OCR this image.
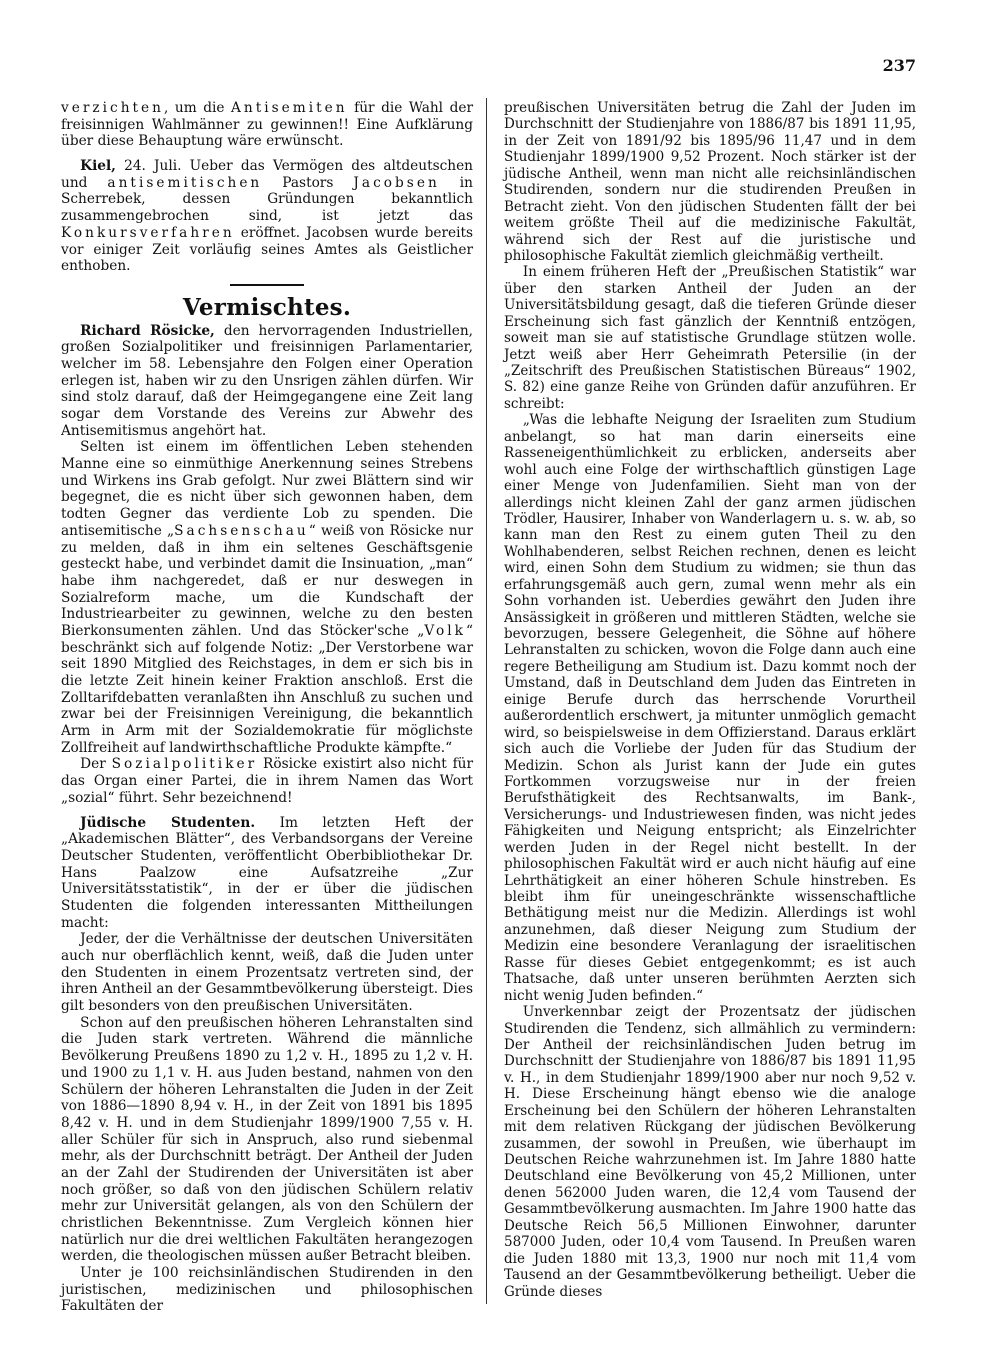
237

verzichten, um die Antisemiten für die Wahl der freisinnigen Wahlmänner zu gewinnen!! Eine Aufklärung über diese Behauptung wäre erwünscht.

Kiel, 24. Juli. Ueber das Vermögen des altdeutschen und antisemitischen Pastors Jacobsen in Scherrebek, dessen Gründungen bekanntlich zusammengebrochen sind, ist jetzt das Konkursverfahren eröffnet. Jacobsen wurde bereits vor einiger Zeit vorläufig seines Amtes als Geistlicher enthoben.

Vermischtes.

Richard Rösicke, den hervorragenden Industriellen, großen Sozialpolitiker und freisinnigen Parlamentarier, welcher im 58. Lebensjahre den Folgen einer Operation erlegen ist, haben wir zu den Unsrigen zählen dürfen. Wir sind stolz darauf, daß der Heimgegangene eine Zeit lang sogar dem Vorstande des Vereins zur Abwehr des Antisemitismus angehört hat.

Selten ist einem im öffentlichen Leben stehenden Manne eine so einmüthige Anerkennung seines Strebens und Wirkens ins Grab gefolgt. Nur zwei Blättern sind wir begegnet, die es nicht über sich gewonnen haben, dem todten Gegner das verdiente Lob zu spenden. Die antisemitische „Sachsenschau“ weiß von Rösicke nur zu melden, daß in ihm ein seltenes Geschäftsgenie gesteckt habe, und verbindet damit die Insinuation, „man“ habe ihm nachgeredet, daß er nur deswegen in Sozialreform mache, um die Kundschaft der Industriearbeiter zu gewinnen, welche zu den besten Bierkonsumenten zählen. Und das Stöcker'sche „Volk“ beschränkt sich auf folgende Notiz: „Der Verstorbene war seit 1890 Mitglied des Reichstages, in dem er sich bis in die letzte Zeit hinein keiner Fraktion anschloß. Erst die Zolltarifdebatten veranlaßten ihn Anschluß zu suchen und zwar bei der Freisinnigen Vereinigung, die bekanntlich Arm in Arm mit der Sozialdemokratie für möglichste Zollfreiheit auf landwirthschaftliche Produkte kämpfte.“

Der Sozialpolitiker Rösicke existirt also nicht für das Organ einer Partei, die in ihrem Namen das Wort „sozial“ führt. Sehr bezeichnend!

Jüdische Studenten. Im letzten Heft der „Akademischen Blätter“, des Verbandsorgans der Vereine Deutscher Studenten, veröffentlicht Oberbibliothekar Dr. Hans Paalzow eine Aufsatzreihe „Zur Universitätsstatistik“, in der er über die jüdischen Studenten die folgenden interessanten Mittheilungen macht:

Jeder, der die Verhältnisse der deutschen Universitäten auch nur oberflächlich kennt, weiß, daß die Juden unter den Studenten in einem Prozentsatz vertreten sind, der ihren Antheil an der Gesammtbevölkerung übersteigt. Dies gilt besonders von den preußischen Universitäten.

Schon auf den preußischen höheren Lehranstalten sind die Juden stark vertreten. Während die männliche Bevölkerung Preußens 1890 zu 1,2 v. H., 1895 zu 1,2 v. H. und 1900 zu 1,1 v. H. aus Juden bestand, nahmen von den Schülern der höheren Lehranstalten die Juden in der Zeit von 1886—1890 8,94 v. H., in der Zeit von 1891 bis 1895 8,42 v. H. und in dem Studienjahr 1899/1900 7,55 v. H. aller Schüler für sich in Anspruch, also rund siebenmal mehr, als der Durchschnitt beträgt. Der Antheil der Juden an der Zahl der Studirenden der Universitäten ist aber noch größer, so daß von den jüdischen Schülern relativ mehr zur Universität gelangen, als von den Schülern der christlichen Bekenntnisse. Zum Vergleich können hier natürlich nur die drei weltlichen Fakultäten herangezogen werden, die theologischen müssen außer Betracht bleiben.

Unter je 100 reichsinländischen Studirenden in den juristischen, medizinischen und philosophischen Fakultäten der

preußischen Universitäten betrug die Zahl der Juden im Durchschnitt der Studienjahre von 1886/87 bis 1891 11,95, in der Zeit von 1891/92 bis 1895/96 11,47 und in dem Studienjahr 1899/1900 9,52 Prozent. Noch stärker ist der jüdische Antheil, wenn man nicht alle reichsinländischen Studirenden, sondern nur die studirenden Preußen in Betracht zieht. Von den jüdischen Studenten fällt der bei weitem größte Theil auf die medizinische Fakultät, während sich der Rest auf die juristische und philosophische Fakultät ziemlich gleichmäßig vertheilt.

In einem früheren Heft der „Preußischen Statistik“ war über den starken Antheil der Juden an der Universitätsbildung gesagt, daß die tieferen Gründe dieser Erscheinung sich fast gänzlich der Kenntniß entzögen, soweit man sie auf statistische Grundlage stützen wolle. Jetzt weiß aber Herr Geheimrath Petersilie (in der „Zeitschrift des Preußischen Statistischen Büreaus“ 1902, S. 82) eine ganze Reihe von Gründen dafür anzuführen. Er schreibt:

„Was die lebhafte Neigung der Israeliten zum Studium anbelangt, so hat man darin einerseits eine Rasseneigenthümlichkeit zu erblicken, anderseits aber wohl auch eine Folge der wirthschaftlich günstigen Lage einer Menge von Judenfamilien. Sieht man von der allerdings nicht kleinen Zahl der ganz armen jüdischen Trödler, Hausirer, Inhaber von Wanderlagern u. s. w. ab, so kann man den Rest zu einem guten Theil zu den Wohlhabenderen, selbst Reichen rechnen, denen es leicht wird, einen Sohn dem Studium zu widmen; sie thun das erfahrungsgemäß auch gern, zumal wenn mehr als ein Sohn vorhanden ist. Ueberdies gewährt den Juden ihre Ansässigkeit in größeren und mittleren Städten, welche sie bevorzugen, bessere Gelegenheit, die Söhne auf höhere Lehranstalten zu schicken, wovon die Folge dann auch eine regere Betheiligung am Studium ist. Dazu kommt noch der Umstand, daß in Deutschland dem Juden das Eintreten in einige Berufe durch das herrschende Vorurtheil außerordentlich erschwert, ja mitunter unmöglich gemacht wird, so beispielsweise in dem Offizierstand. Daraus erklärt sich auch die Vorliebe der Juden für das Studium der Medizin. Schon als Jurist kann der Jude ein gutes Fortkommen vorzugsweise nur in der freien Berufsthätigkeit des Rechtsanwalts, im Bank-, Versicherungs- und Industriewesen finden, was nicht jedes Fähigkeiten und Neigung entspricht; als Einzelrichter werden Juden in der Regel nicht bestellt. In der philosophischen Fakultät wird er auch nicht häufig auf eine Lehrthätigkeit an einer höheren Schule hinstreben. Es bleibt ihm für uneingeschränkte wissenschaftliche Bethätigung meist nur die Medizin. Allerdings ist wohl anzunehmen, daß dieser Neigung zum Studium der Medizin eine besondere Veranlagung der israelitischen Rasse für dieses Gebiet entgegenkommt; es ist auch Thatsache, daß unter unseren berühmten Aerzten sich nicht wenig Juden befinden.“

Unverkennbar zeigt der Prozentsatz der jüdischen Studirenden die Tendenz, sich allmählich zu vermindern: Der Antheil der reichsinländischen Juden betrug im Durchschnitt der Studienjahre von 1886/87 bis 1891 11,95 v. H., in dem Studienjahr 1899/1900 aber nur noch 9,52 v. H. Diese Erscheinung hängt ebenso wie die analoge Erscheinung bei den Schülern der höheren Lehranstalten mit dem relativen Rückgang der jüdischen Bevölkerung zusammen, der sowohl in Preußen, wie überhaupt im Deutschen Reiche wahrzunehmen ist. Im Jahre 1880 hatte Deutschland eine Bevölkerung von 45,2 Millionen, unter denen 562000 Juden waren, die 12,4 vom Tausend der Gesammtbevölkerung ausmachten. Im Jahre 1900 hatte das Deutsche Reich 56,5 Millionen Einwohner, darunter 587000 Juden, oder 10,4 vom Tausend. In Preußen waren die Juden 1880 mit 13,3, 1900 nur noch mit 11,4 vom Tausend an der Gesammtbevölkerung betheiligt. Ueber die Gründe dieses
